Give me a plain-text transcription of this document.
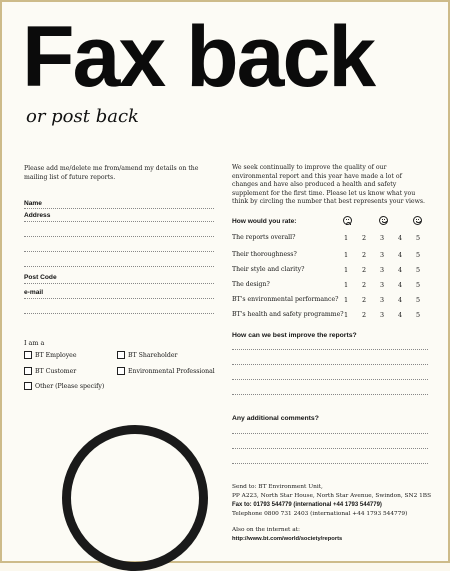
Fax back
or post back

Please add me/delete me from/amend my details on the mailing list of future reports.

Name
Address
Post Code
e-mail
I am a
BT Employee	BT Shareholder
BT Customer	Environmental Professional
Other (Please specify)

We seek continually to improve the quality of our environmental report and this year have made a lot of changes and have also produced a health and safety supplement for the first time. Please let us know what you think by circling the number that best represents your views.

How would you rate:
The reports overall?	1	2	3	4	5
Their thoroughness?	1	2	3	4	5
Their style and clarity?	1	2	3	4	5
The design?	1	2	3	4	5
BT's environmental performance? 1	2	3	4	5
BT's health and safety programme? 1	2	3	4	5
How can we best improve the reports?
Any additional comments?
Send to: BT Environment Unit,
PP A223, North Star House, North Star Avenue, Swindon, SN2 1BS
Fax to: 01793 544779 (international +44 1793 544779)
Telephone 0800 731 2403 (international +44 1793 544779)
Also on the internet at:
http://www.bt.com/world/society/reports
